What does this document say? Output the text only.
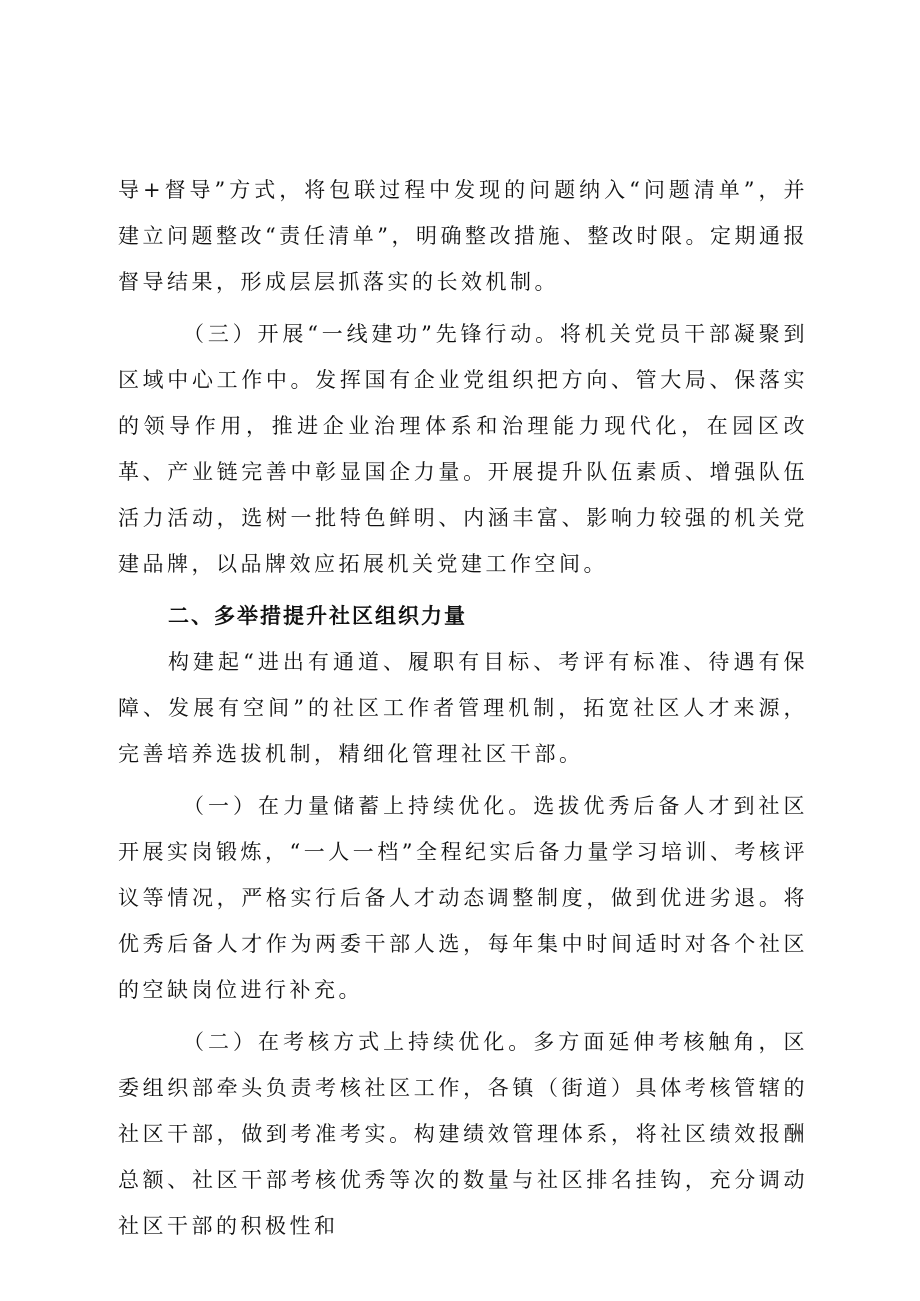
导+督导”方式，将包联过程中发现的问题纳入“问题清单”，并建立问题整改“责任清单”，明确整改措施、整改时限。定期通报督导结果，形成层层抓落实的长效机制。

（三）开展“一线建功”先锋行动。将机关党员干部凝聚到区域中心工作中。发挥国有企业党组织把方向、管大局、保落实的领导作用，推进企业治理体系和治理能力现代化，在园区改革、产业链完善中彰显国企力量。开展提升队伍素质、增强队伍活力活动，选树一批特色鲜明、内涵丰富、影响力较强的机关党建品牌，以品牌效应拓展机关党建工作空间。

二、多举措提升社区组织力量

构建起“进出有通道、履职有目标、考评有标准、待遇有保障、发展有空间”的社区工作者管理机制，拓宽社区人才来源，完善培养选拔机制，精细化管理社区干部。

（一）在力量储蓄上持续优化。选拔优秀后备人才到社区开展实岗锻炼，“一人一档”全程纪实后备力量学习培训、考核评议等情况，严格实行后备人才动态调整制度，做到优进劣退。将优秀后备人才作为两委干部人选，每年集中时间适时对各个社区的空缺岗位进行补充。

（二）在考核方式上持续优化。多方面延伸考核触角，区委组织部牵头负责考核社区工作，各镇（街道）具体考核管辖的社区干部，做到考准考实。构建绩效管理体系，将社区绩效报酬总额、社区干部考核优秀等次的数量与社区排名挂钩，充分调动社区干部的积极性和
